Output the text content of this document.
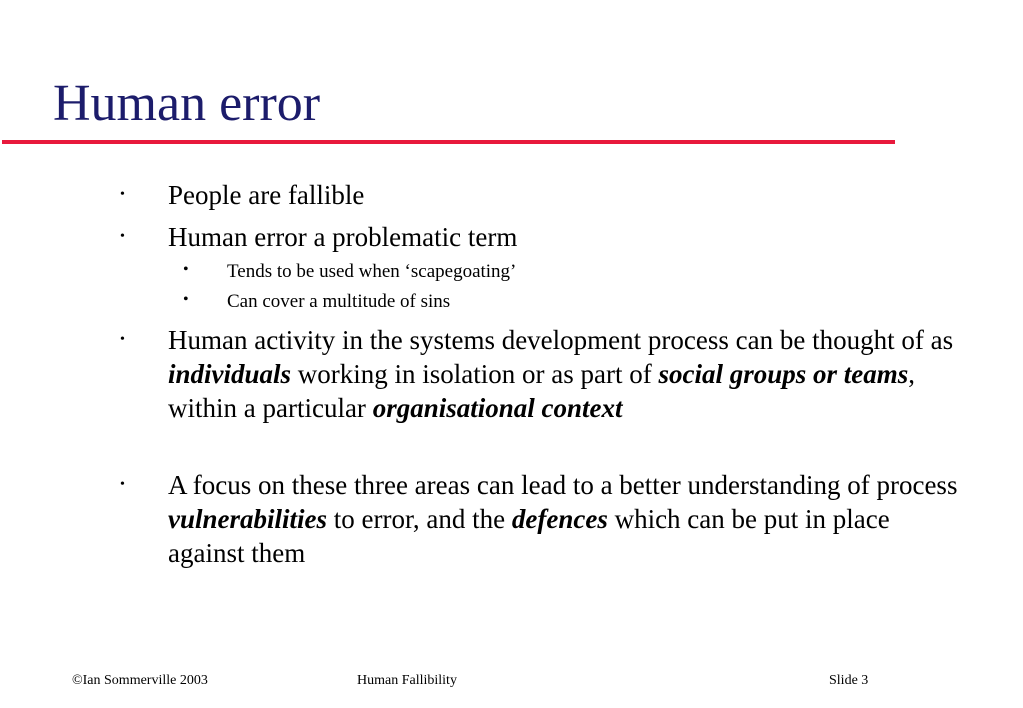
Human error
• People are fallible
• Human error a problematic term
• Tends to be used when ‘scapegoating’
• Can cover a multitude of sins
• Human activity in the systems development process can be thought of as individuals working in isolation or as part of social groups or teams, within a particular organisational context
• A focus on these three areas can lead to a better understanding of process vulnerabilities to error, and the defences which can be put in place against them
©Ian Sommerville 2003	Human Fallibility	Slide 3
